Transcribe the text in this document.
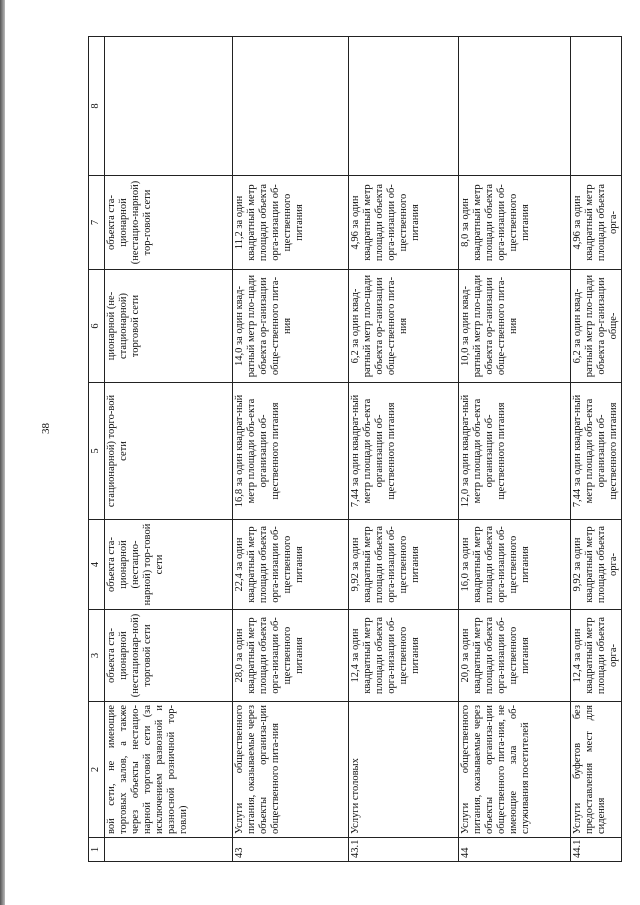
38
1	2	3	4	5	6	7	8
	вой сети, не имеющие торговых залов, а также через объекты нестацио-нарной торговой сети (за исключением развозной и разносной розничной тор-говли)	объекта ста-ционарной (нестационар-ной) торговой сети	объекта ста-ционарной (нестацио-нарной) тор-говой сети	стационарной) торго-вой сети	ционарной (не-стационарной) торговой сети	объекта ста-ционарной (нестацио-нарной) тор-говой сети	
43	Услуги общественного питания, оказываемые через объекты организа-ции общественного пита-ния	28,0 за один квадратный метр площади объекта орга-низации об-щественного питания	22,4 за один квадратный метр площади объекта орга-низации об-щественного питания	16,8 за один квадрат-ный метр площади объ-екта организации об-щественного питания	14,0 за один квад-ратный метр пло-щади объекта ор-ганизации обще-ственного пита-ния	11,2 за один квадратный метр площади объекта орга-низации об-щественного питания	
43.1	Услуги столовых	12,4 за один квадратный метр площади объекта орга-низации об-щественного питания	9,92 за один квадратный метр площади объекта орга-низации об-щественного питания	7,44 за один квадрат-ный метр площади объ-екта организации об-щественного питания	6,2 за один квад-ратный метр пло-щади объекта ор-ганизации обще-ственного пита-ния	4,96 за один квадратный метр площади объекта орга-низации об-щественного питания	
44	Услуги общественного питания, оказываемые через объекты организа-ции общественного пита-ния, не имеющие зала об-служивания посетителей	20,0 за один квадратный метр площади объекта орга-низации об-щественного питания	16,0 за один квадратный метр площади объекта орга-низации об-щественного питания	12,0 за один квадрат-ный метр площади объ-екта организации об-щественного питания	10,0 за один квад-ратный метр пло-щади объекта ор-ганизации обще-ственного пита-ния	8,0 за один квадратный метр площади объекта орга-низации об-щественного питания	
44.1	Услуги буфетов без предоставления мест для сидения	12,4 за один квадратный метр площади объекта орга-	9,92 за один квадратный метр площади объекта орга-	7,44 за один квадрат-ный метр площади объ-екта организации об-щественного питания	6,2 за один квад-ратный метр пло-щади объекта ор-ганизации обще-	4,96 за один квадратный метр площади объекта орга-	
